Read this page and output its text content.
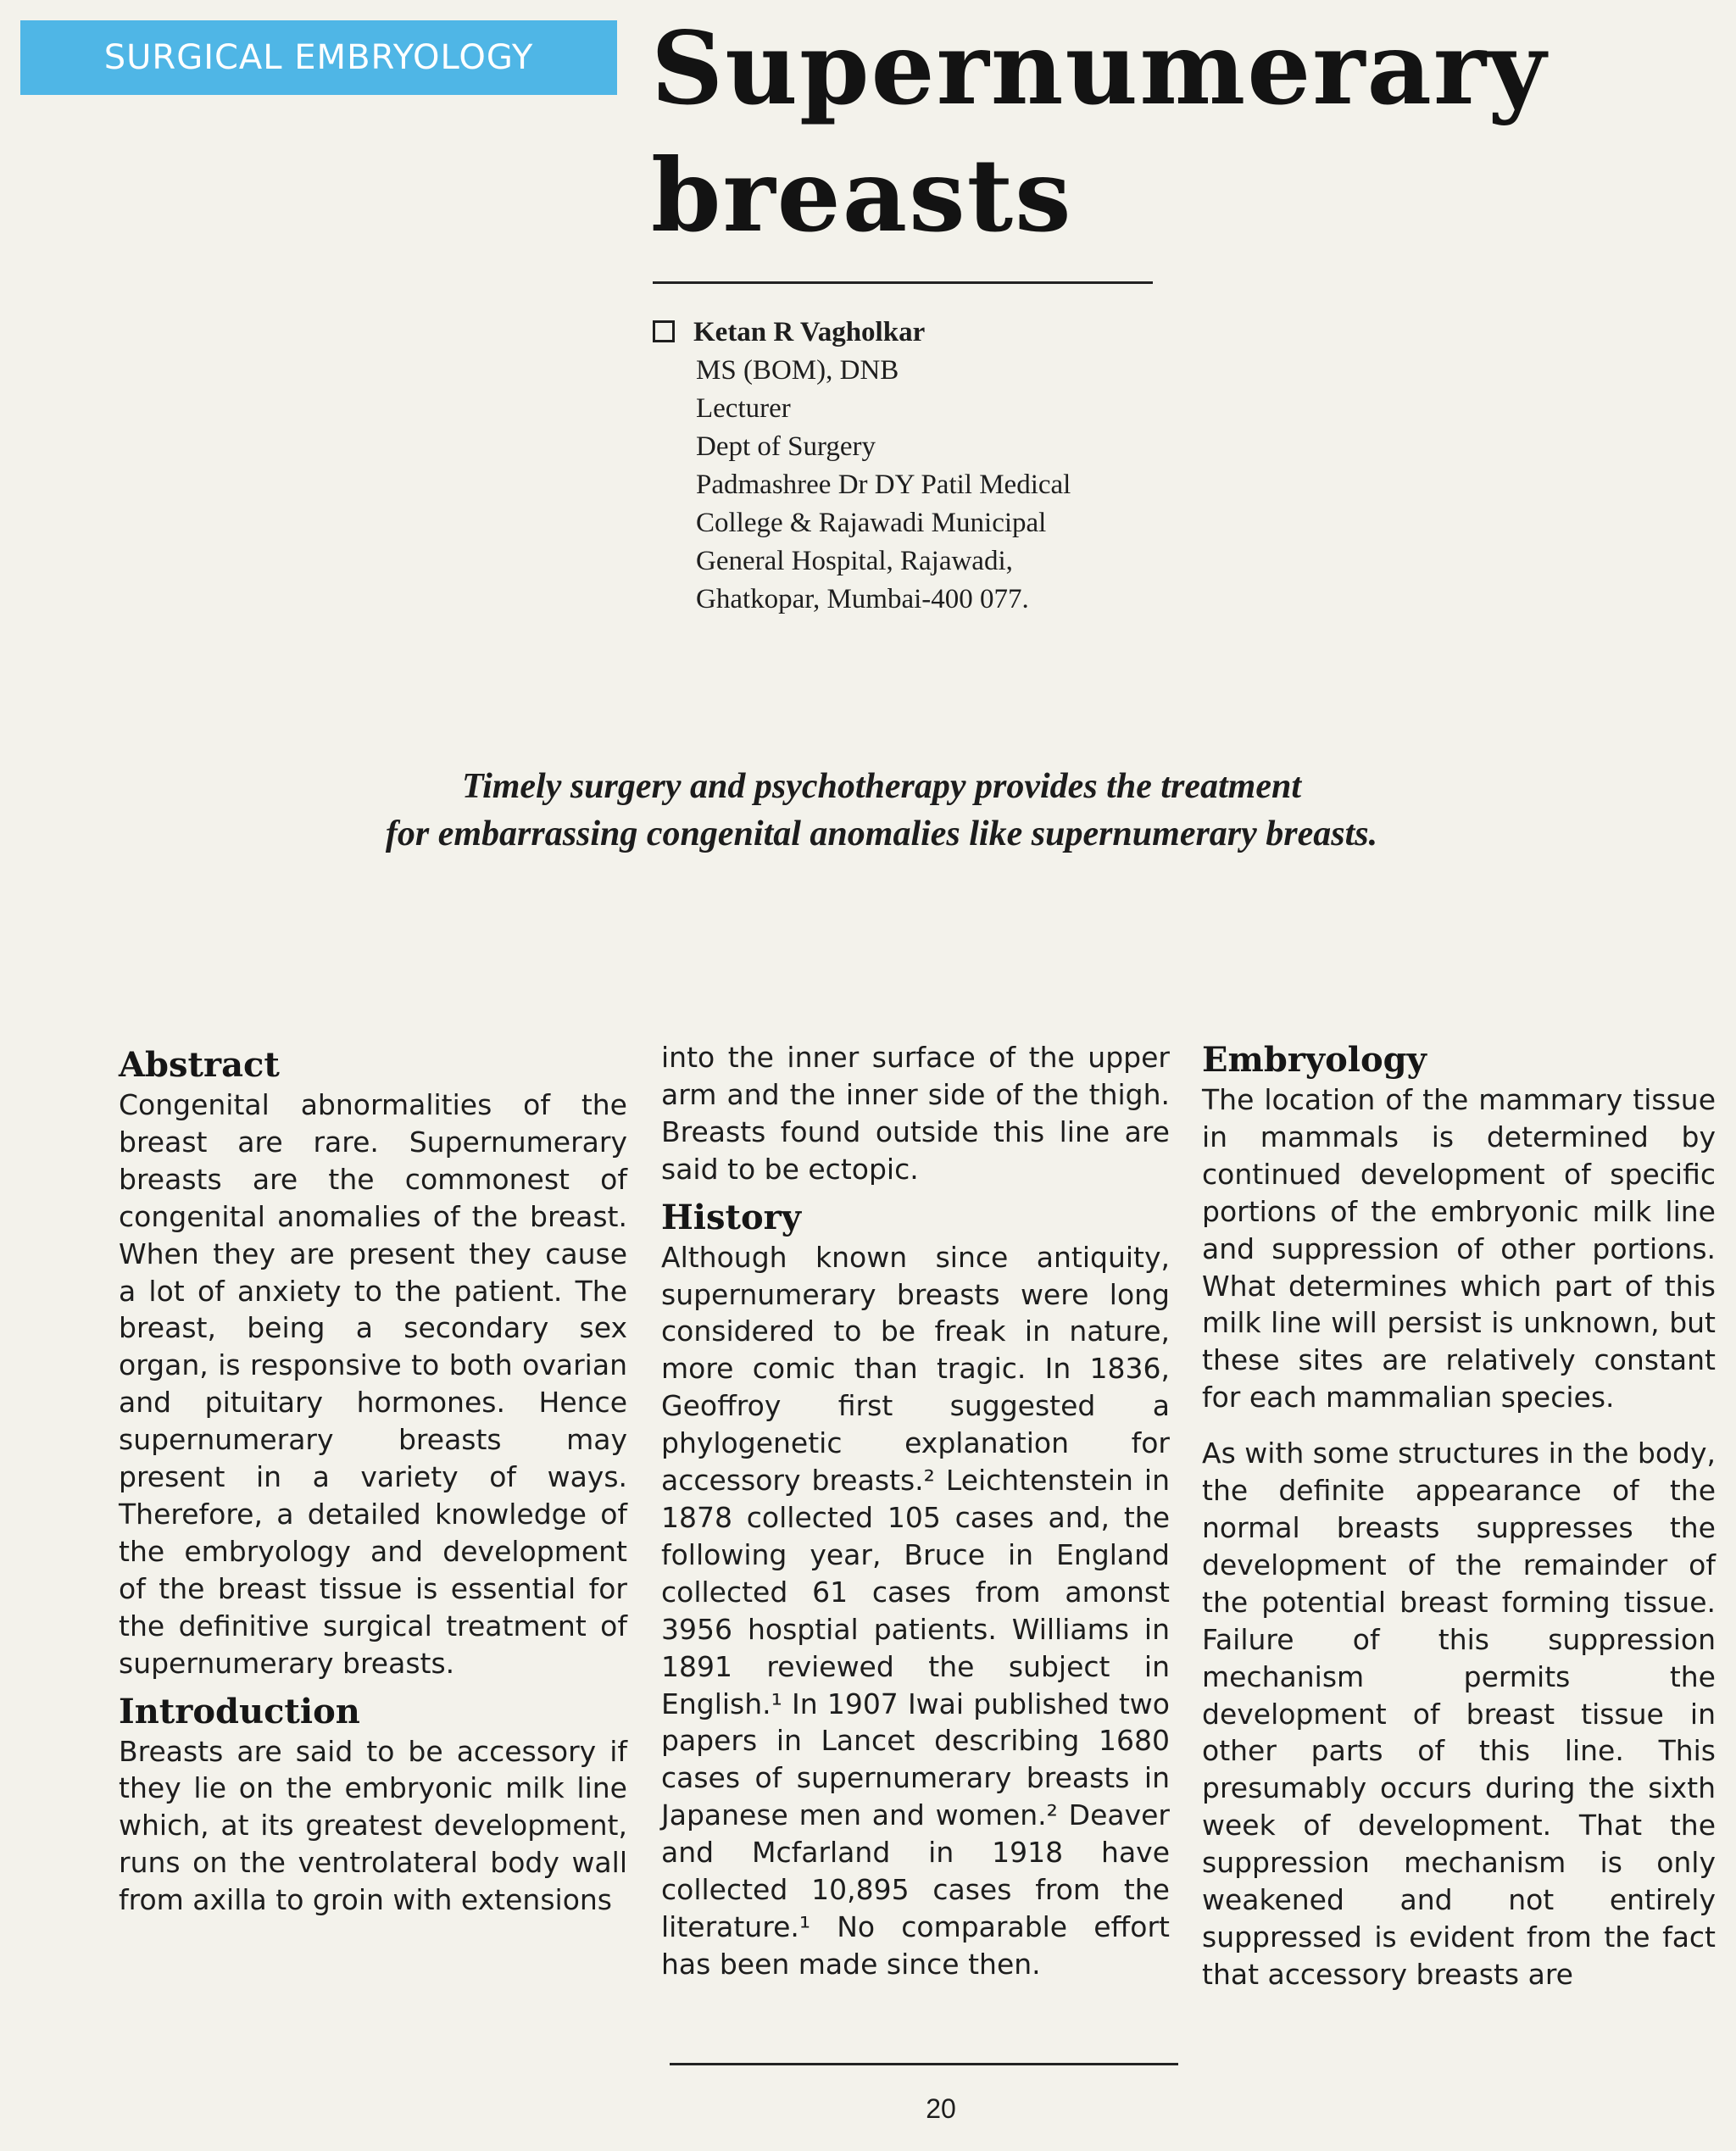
SURGICAL EMBRYOLOGY	Supernumerary
breasts
Ketan R Vagholkar
MS (BOM), DNB
Lecturer
Dept of Surgery
Padmashree Dr DY Patil Medical
College & Rajawadi Municipal
General Hospital, Rajawadi,
Ghatkopar, Mumbai-400 077.
Timely surgery and psychotherapy provides the treatment
for embarrassing congenital anomalies like supernumerary breasts.
Abstract

Congenital abnormalities of the breast are rare. Supernumerary breasts are the commonest of congenital anomalies of the breast. When they are present they cause a lot of anxiety to the patient. The breast, being a secondary sex organ, is responsive to both ovarian and pituitary hormones. Hence supernumerary breasts may present in a variety of ways. Therefore, a detailed knowledge of the embryology and development of the breast tissue is essential for the definitive surgical treatment of supernumerary breasts.

Introduction

Breasts are said to be accessory if they lie on the embryonic milk line which, at its greatest development, runs on the ventrolateral body wall from axilla to groin with extensions

into the inner surface of the upper arm and the inner side of the thigh. Breasts found outside this line are said to be ectopic.

History

Although known since antiquity, supernumerary breasts were long considered to be freak in nature, more comic than tragic. In 1836, Geoffroy first suggested a phylogenetic explanation for accessory breasts.² Leichtenstein in 1878 collected 105 cases and, the following year, Bruce in England collected 61 cases from amonst 3956 hosptial patients. Williams in 1891 reviewed the subject in English.¹ In 1907 Iwai published two papers in Lancet describing 1680 cases of supernumerary breasts in Japanese men and women.² Deaver and Mcfarland in 1918 have collected 10,895 cases from the literature.¹ No comparable effort has been made since then.

Embryology

The location of the mammary tissue in mammals is determined by continued development of specific portions of the embryonic milk line and suppression of other portions. What determines which part of this milk line will persist is unknown, but these sites are relatively constant for each mammalian species.

As with some structures in the body, the definite appearance of the normal breasts suppresses the development of the remainder of the potential breast forming tissue. Failure of this suppression mechanism permits the development of breast tissue in other parts of this line. This presumably occurs during the sixth week of development. That the suppression mechanism is only weakened and not entirely suppressed is evident from the fact that accessory breasts are

20
